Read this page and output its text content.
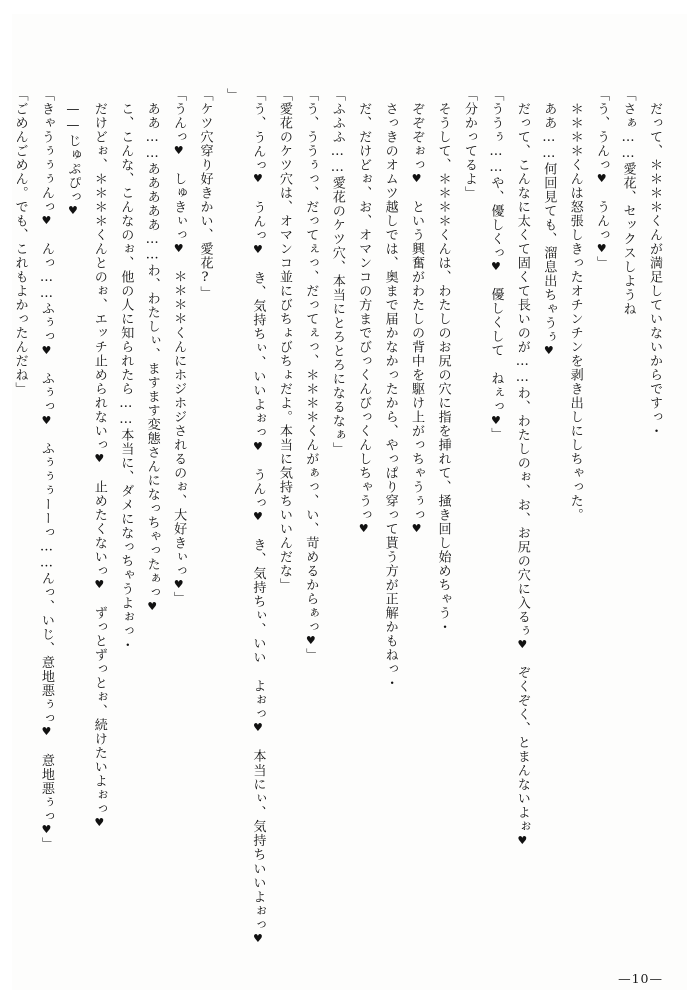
　だって、＊＊＊＊くんが満足していないからですっ・
「さぁ……愛花、セックスしようね
「う、うんっ♥　うんっ♥」
　＊＊＊＊くんは怒張しきったオチンチンを剥き出しにしちゃった。
　ああ……何回見ても、溜息出ちゃうぅ♥
　だって、こんなに太くて固くて長いのが……わ、わたしのぉ、お、お尻の穴に入るぅ♥　ぞくぞく、とまんないよぉ♥
「ううぅ……や、優しくっ♥　優しくして　ねぇっ♥」
「分かってるよ」
　そうして、＊＊＊＊くんは、わたしのお尻の穴に指を挿れて、掻き回し始めちゃう・
　ぞぞぞぉっ♥　という興奮がわたしの背中を駆け上がっちゃうぅっ♥
　さっきのオムツ越しでは、奥まで届かなかったから、やっぱり穿って貰う方が正解かもねっ・
　だ、だけどぉ、お、オマンコの方までびっくんびっくんしちゃうっ♥
「ふふふ……愛花のケツ穴、本当にとろとろになるなぁ」
「う、ううぅっ、だってぇっ、だってぇっ、＊＊＊＊くんがぁっ、い、苛めるからぁっ♥」
「愛花のケツ穴は、オマンコ並にびちょびちょだよ。本当に気持ちいいんだな」
「う、うんっ♥　うんっ♥　き、気持ちぃ、いいよぉっ♥　うんっ♥　き、気持ちぃ、いい　よぉっ♥　本当にぃ、気持ちいいよぉっ♥」
「ケツ穴穿り好きかい、愛花?」
「うんっ♥　しゅきぃっ♥　＊＊＊＊くんにホジホジされるのぉ、大好きぃっ♥」
　ああ……あああああ……わ、わたしぃ、ますます変態さんになっちゃったぁっ♥
　こ、こんな、こんなのぉ、他の人に知られたら……本当に、ダメになっちゃうよぉっ・
　だけどぉ、＊＊＊＊くんとのぉ、エッチ止められないっ♥　止めたくないっ♥　ずっとずっとぉ、続けたいよぉっ♥
　——じゅぷぴっ♥
「きゃうぅぅぅんっ♥　んっ……ふぅっ♥　ふぅっ♥　ふぅぅぅーーっ……んっ、いじ、意地悪ぅっ♥　意地悪ぅっ♥」
「ごめんごめん。でも、これもよかったんだね」
—10—
